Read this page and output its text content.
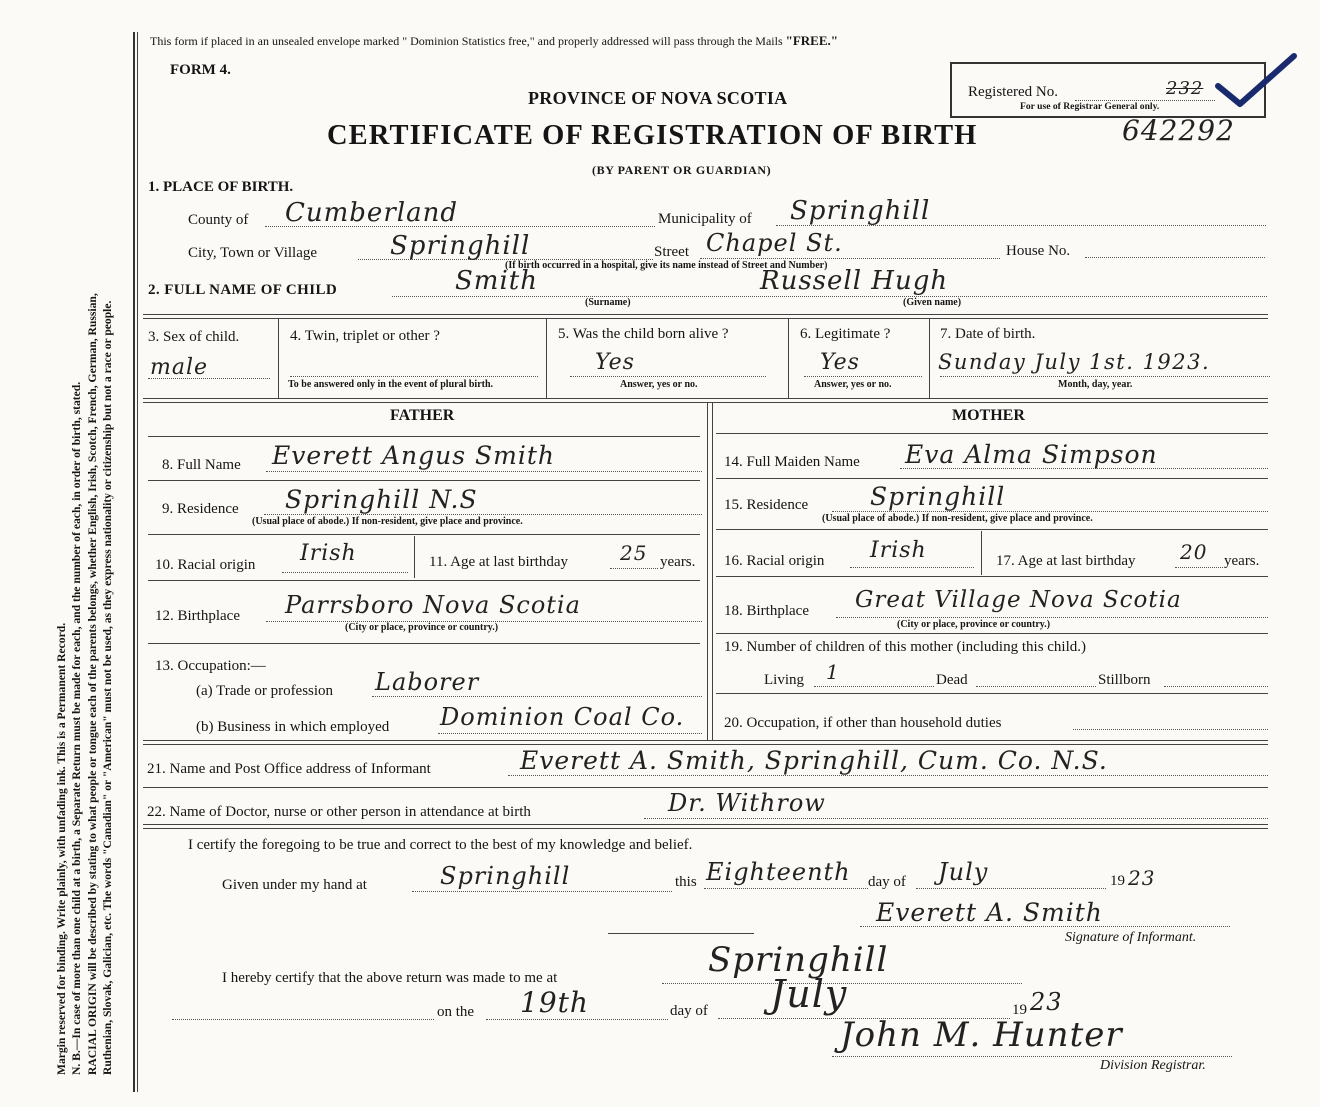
Margin reserved for binding. Write plainly, with unfading ink. This is a Permanent Record. N. B.—In case of more than one child at a birth, a Separate Return must be made for each, and the number of each, in order of birth, stated. RACIAL ORIGIN will be described by stating to what people or tongue each of the parents belongs, whether English, Irish, Scotch, French, German, Russian, Ruthenian, Slovak, Galician, etc. The words "Canadian" or "American" must not be used, as they express nationality or citizenship but not a race or people.
This form if placed in an unsealed envelope marked " Dominion Statistics free," and properly addressed will pass through the Mails "FREE."
FORM 4.
PROVINCE OF NOVA SCOTIA
CERTIFICATE OF REGISTRATION OF BIRTH
(BY PARENT OR GUARDIAN)
Registered No.	232
For use of Registrar General only.
642292
1. PLACE OF BIRTH.
County of Cumberland	Municipality of Springhill
City, Town or Village	Springhill	Street Chapel St.	House No.
(If birth occurred in a hospital, give its name instead of Street and Number)
2. FULL NAME OF CHILD	Smith
(Surname)
Russell Hugh
(Given name)
3. Sex of child.
male
4. Twin, triplet or other ?
To be answered only in the event of plural birth.
5. Was the child born alive ?
Yes
Answer, yes or no.
6. Legitimate ?
Yes
Answer, yes or no.
7. Date of birth.
Sunday July 1st. 1923.
Month, day, year.
FATHER
8. Full Name Everett Angus Smith
9. Residence Springhill N.S
(Usual place of abode.) If non-resident, give place and province.
10. Racial origin Irish	11. Age at last birthday	25 years.
12. Birthplace Parrsboro Nova Scotia
(City or place, province or country.)
13. Occupation:—
(a) Trade or profession Laborer
(b) Business in which employed Dominion Coal Co.
MOTHER
14. Full Maiden Name Eva Alma Simpson
15. Residence Springhill
(Usual place of abode.) If non-resident, give place and province.
16. Racial origin Irish	17. Age at last birthday 20 years.
18. Birthplace Great Village Nova Scotia
(City or place, province or country.)
19. Number of children of this mother (including this child.)
Living 1	Dead	Stillborn
20. Occupation, if other than household duties
21. Name and Post Office address of Informant	Everett A. Smith, Springhill, Cum. Co. N.S.
22. Name of Doctor, nurse or other person in attendance at birth	Dr. Withrow
I certify the foregoing to be true and correct to the best of my knowledge and belief.
Given under my hand at	Springhill	this Eighteenth day of July	19 23
Everett A. Smith
Signature of Informant.
I hereby certify that the above return was made to me at	Springhill
on the 19th	day of July	19 23
John M. Hunter
Division Registrar.
